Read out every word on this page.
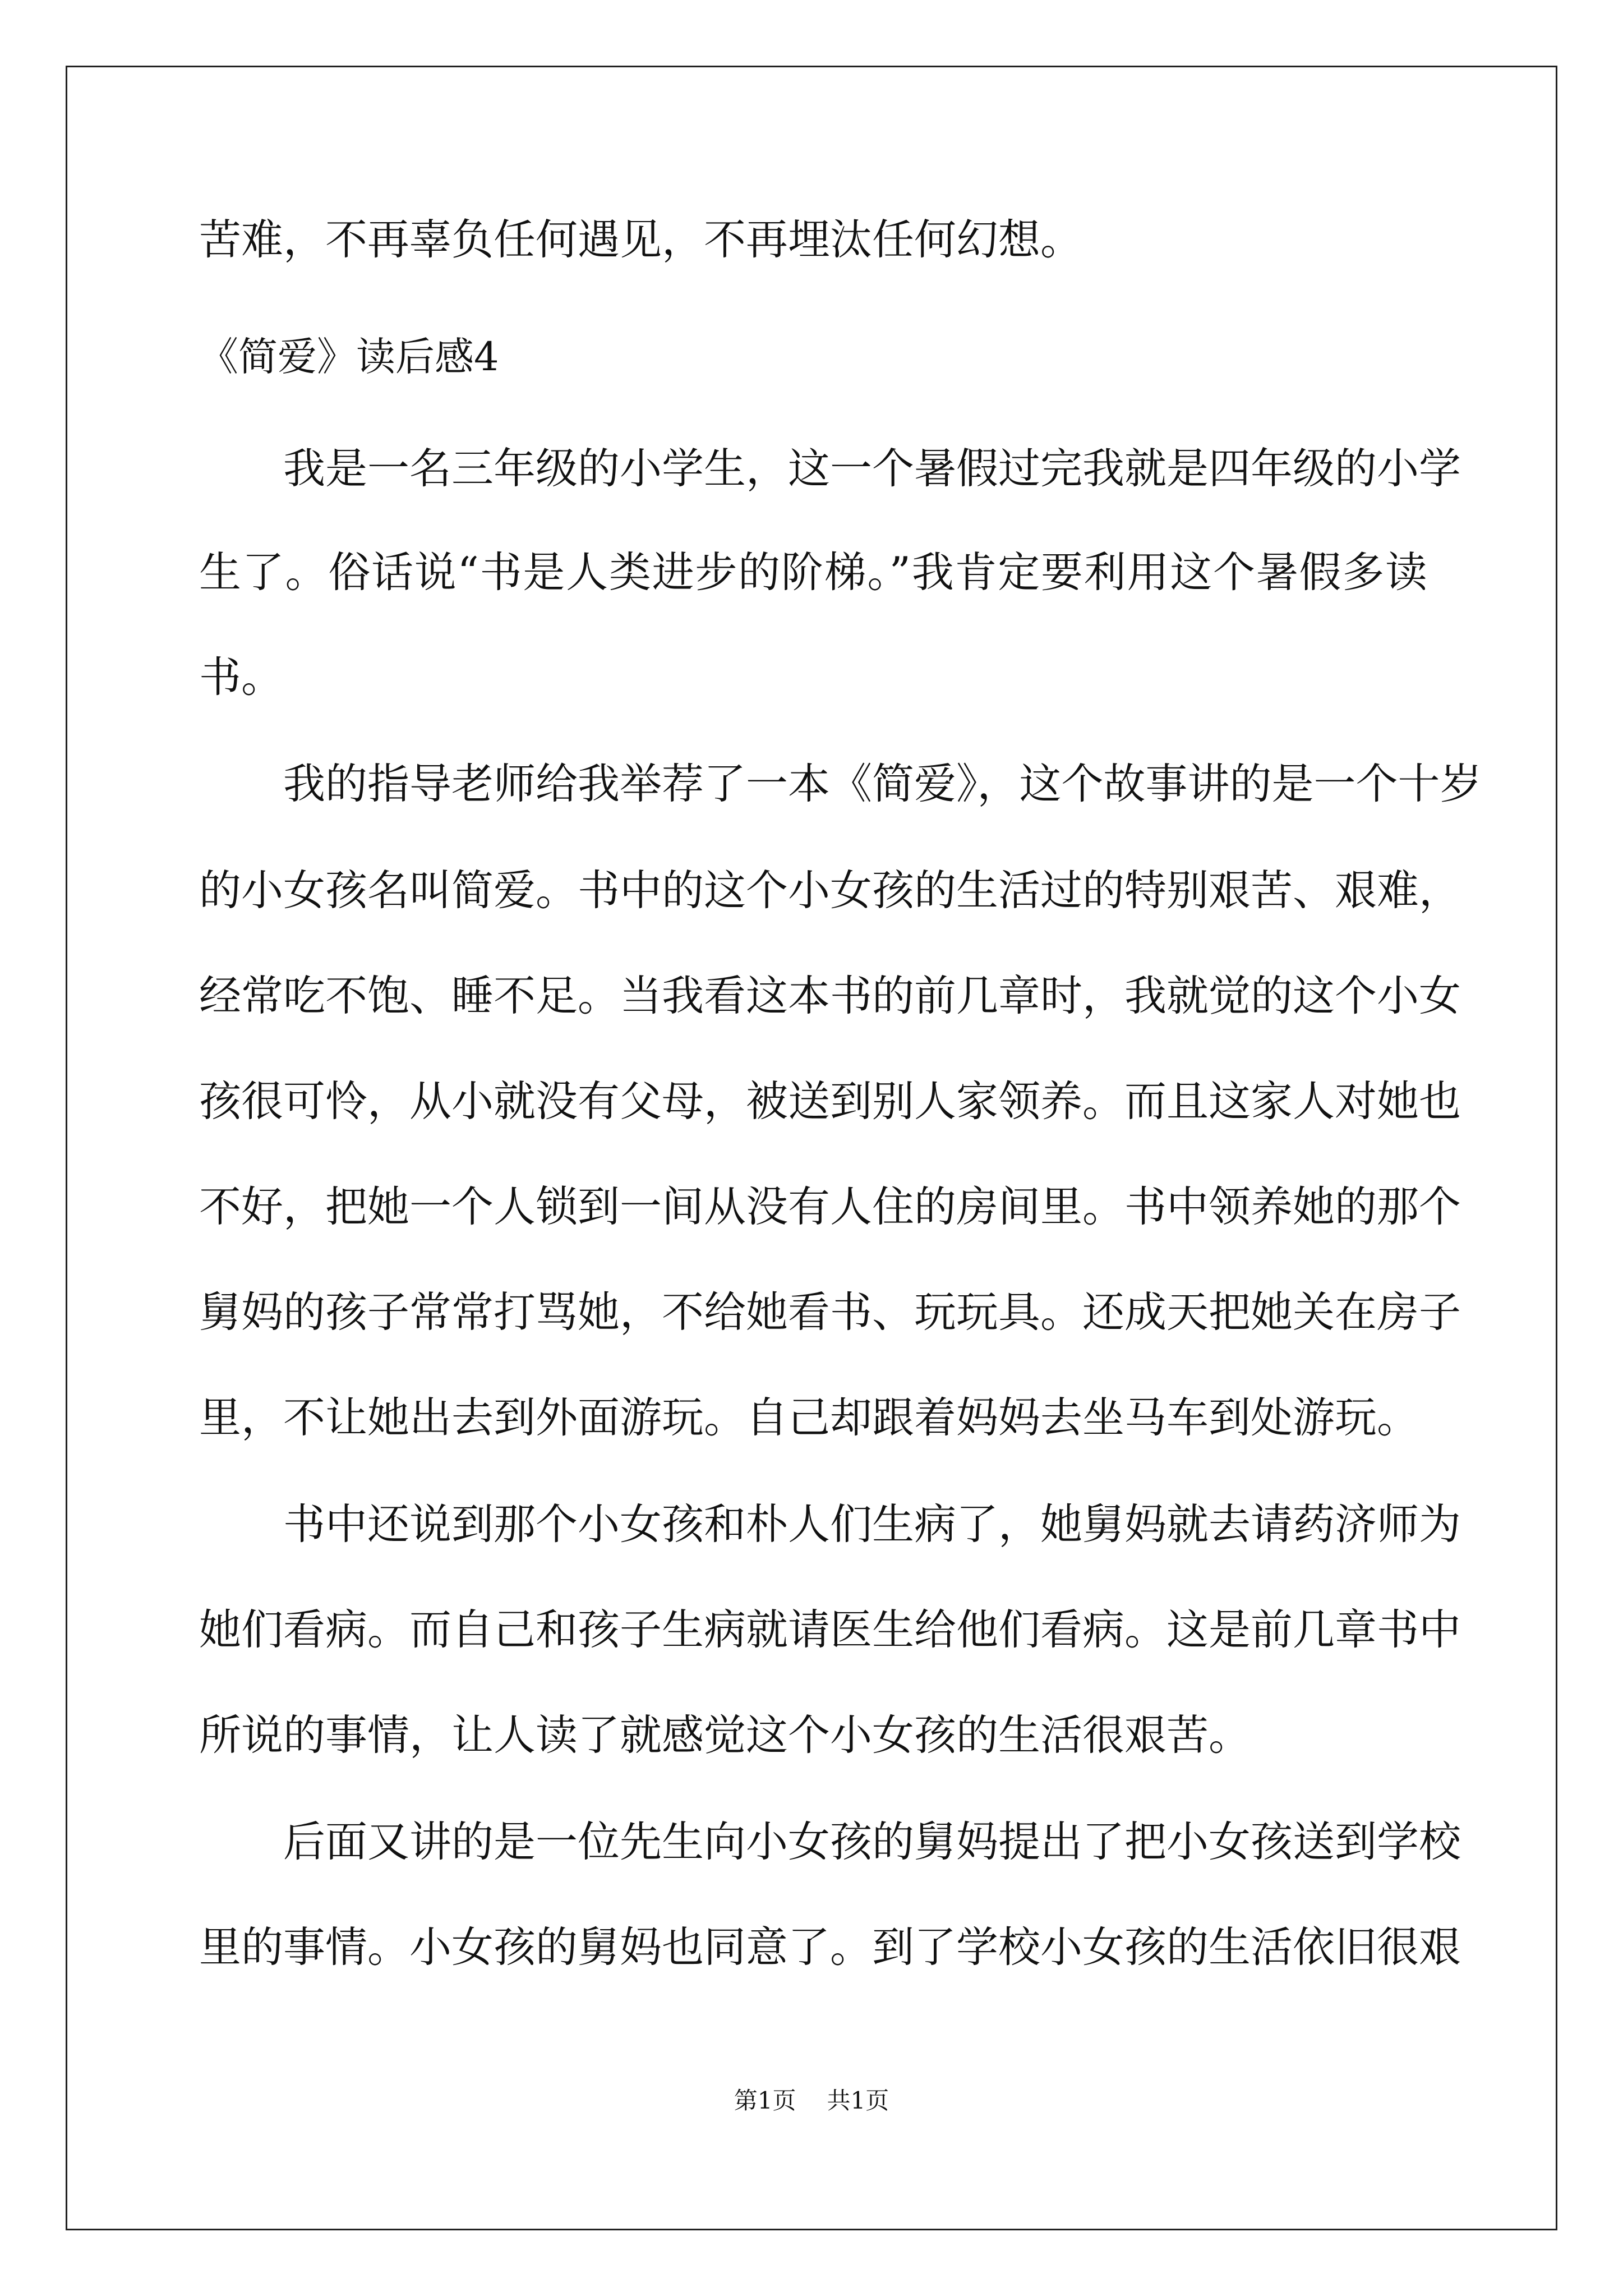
苦难，不再辜负任何遇见，不再埋汰任何幻想。
《简爱》读后感4
我是一名三年级的小学生，这一个暑假过完我就是四年级的小学
生了。俗话说“书是人类进步的阶梯。”我肯定要利用这个暑假多读
书。
我的指导老师给我举荐了一本《简爱》，这个故事讲的是一个十岁
的小女孩名叫简爱。书中的这个小女孩的生活过的特别艰苦、艰难，
经常吃不饱、睡不足。当我看这本书的前几章时，我就觉的这个小女
孩很可怜，从小就没有父母，被送到别人家领养。而且这家人对她也
不好，把她一个人锁到一间从没有人住的房间里。书中领养她的那个
舅妈的孩子常常打骂她，不给她看书、玩玩具。还成天把她关在房子
里，不让她出去到外面游玩。自己却跟着妈妈去坐马车到处游玩。
书中还说到那个小女孩和朴人们生病了，她舅妈就去请药济师为
她们看病。而自己和孩子生病就请医生给他们看病。这是前几章书中
所说的事情，让人读了就感觉这个小女孩的生活很艰苦。
后面又讲的是一位先生向小女孩的舅妈提出了把小女孩送到学校
里的事情。小女孩的舅妈也同意了。到了学校小女孩的生活依旧很艰
第1页 共1页
